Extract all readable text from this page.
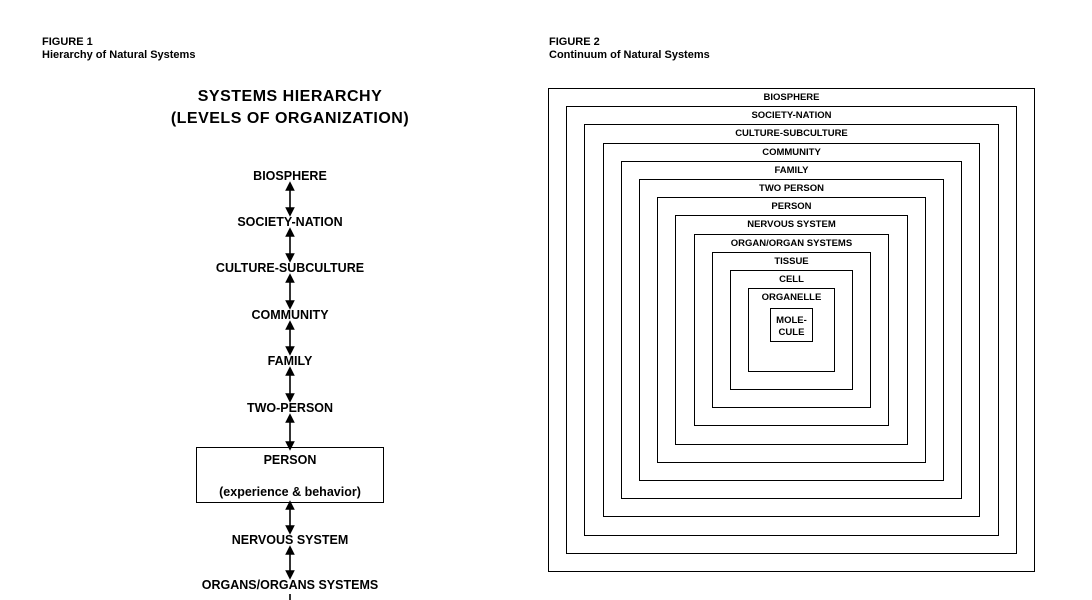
FIGURE 1
Hierarchy of Natural Systems
FIGURE 2
Continuum of Natural Systems
SYSTEMS HIERARCHY
(LEVELS OF ORGANIZATION)
BIOSPHERE
SOCIETY-NATION
CULTURE-SUBCULTURE
COMMUNITY
FAMILY
TWO-PERSON
PERSON
(experience & behavior)
NERVOUS SYSTEM
ORGANS/ORGANS SYSTEMS
BIOSPHERE
SOCIETY-NATION
CULTURE-SUBCULTURE
COMMUNITY
FAMILY
TWO PERSON
PERSON
NERVOUS SYSTEM
ORGAN/ORGAN SYSTEMS
TISSUE
CELL
ORGANELLE
MOLE-
CULE
